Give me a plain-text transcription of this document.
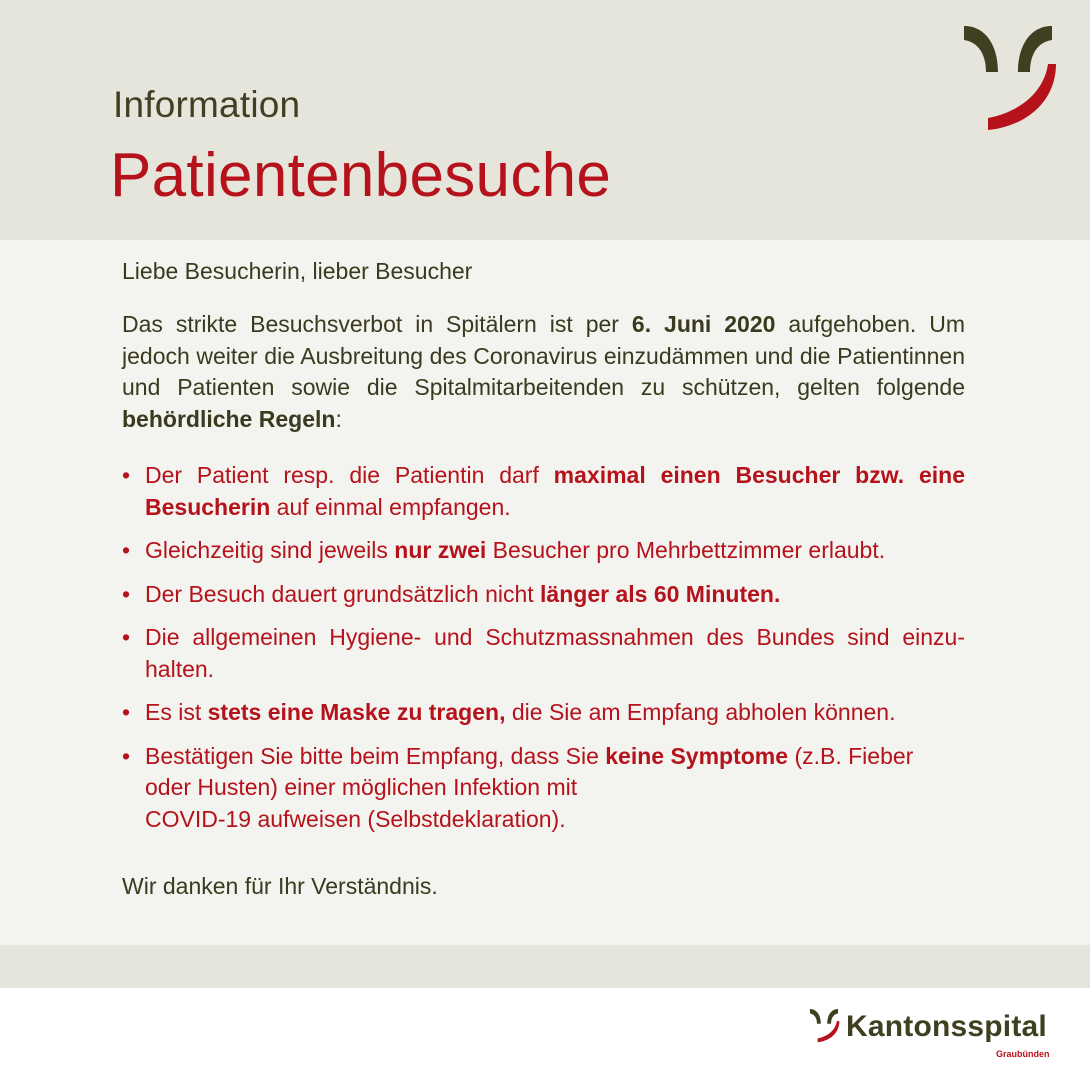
Information
Patientenbesuche
Liebe Besucherin, lieber Besucher
Das strikte Besuchsverbot in Spitälern ist per 6. Juni 2020 aufgehoben. Um jedoch weiter die Ausbreitung des Coronavirus einzudämmen und die Patientinnen und Patienten sowie die Spitalmitarbeitenden zu schützen, gelten folgende behördliche Regeln:
• Der Patient resp. die Patientin darf maximal einen Besucher bzw. eine Besucherin auf einmal empfangen.
• Gleichzeitig sind jeweils nur zwei Besucher pro Mehrbettzimmer erlaubt.
• Der Besuch dauert grundsätzlich nicht länger als 60 Minuten.
• Die allgemeinen Hygiene- und Schutzmassnahmen des Bundes sind einzuhalten.
• Es ist stets eine Maske zu tragen, die Sie am Empfang abholen können.
• Bestätigen Sie bitte beim Empfang, dass Sie keine Symptome (z.B. Fieber oder Husten) einer möglichen Infektion mit
COVID-19 aufweisen (Selbstdeklaration).
Wir danken für Ihr Verständnis.
Kantonsspital
Graubünden
